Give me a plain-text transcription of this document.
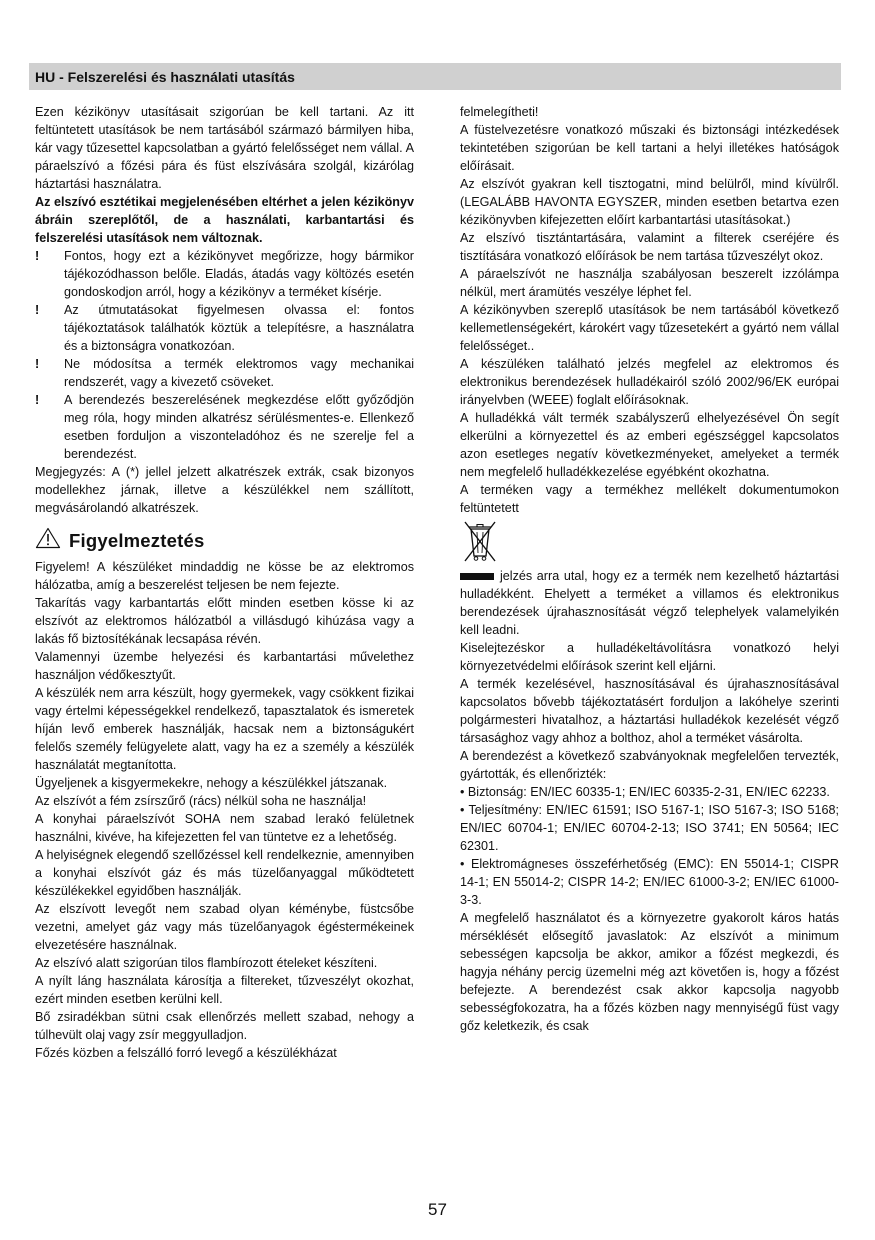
HU - Felszerelési és használati utasítás

Ezen kézikönyv utasításait szigorúan be kell tartani. Az itt feltüntetett utasítások be nem tartásából származó bármilyen hiba, kár vagy tűzesettel kapcsolatban a gyártó felelősséget nem vállal. A páraelszívó a főzési pára és füst elszívására szolgál, kizárólag háztartási használatra.

Az elszívó esztétikai megjelenésében eltérhet a jelen kézikönyv ábráin szereplőtől, de a használati, karbantartási és felszerelési utasítások nem változnak.

! Fontos, hogy ezt a kézikönyvet megőrizze, hogy bármikor tájékozódhasson belőle. Eladás, átadás vagy költözés esetén gondoskodjon arról, hogy a kézikönyv a terméket kísérje.

! Az útmutatásokat figyelmesen olvassa el: fontos tájékoztatások találhatók köztük a telepítésre, a használatra és a biztonságra vonatkozóan.

! Ne módosítsa a termék elektromos vagy mechanikai rendszerét, vagy a kivezető csöveket.

! A berendezés beszerelésének megkezdése előtt győződjön meg róla, hogy minden alkatrész sérülésmentes-e. Ellenkező esetben forduljon a viszonteladóhoz és ne szerelje fel a berendezést.

Megjegyzés: A (*) jellel jelzett alkatrészek extrák, csak bizonyos modellekhez járnak, illetve a készülékkel nem szállított, megvásárolandó alkatrészek.

Figyelmeztetés

Figyelem! A készüléket mindaddig ne kösse be az elektromos hálózatba, amíg a beszerelést teljesen be nem fejezte.

Takarítás vagy karbantartás előtt minden esetben kösse ki az elszívót az elektromos hálózatból a villásdugó kihúzása vagy a lakás fő biztosítékának lecsapása révén.

Valamennyi üzembe helyezési és karbantartási művelethez használjon védőkesztyűt.

A készülék nem arra készült, hogy gyermekek, vagy csökkent fizikai vagy értelmi képességekkel rendelkező, tapasztalatok és ismeretek híján levő emberek használják, hacsak nem a biztonságukért felelős személy felügyelete alatt, vagy ha ez a személy a készülék használatát megtanította.

Ügyeljenek a kisgyermekekre, nehogy a készülékkel játszanak.

Az elszívót a fém zsírszűrő (rács) nélkül soha ne használja!

A konyhai páraelszívót SOHA nem szabad lerakó felületnek használni, kivéve, ha kifejezetten fel van tüntetve ez a lehetőség.

A helyiségnek elegendő szellőzéssel kell rendelkeznie, amennyiben a konyhai elszívót gáz és más tüzelőanyaggal működtetett készülékekkel egyidőben használják.

Az elszívott levegőt nem szabad olyan kéménybe, füstcsőbe vezetni, amelyet gáz vagy más tüzelőanyagok égéstermékeinek elvezetésére használnak.

Az elszívó alatt szigorúan tilos flambírozott ételeket készíteni.

A nyílt láng használata károsítja a filtereket, tűzveszélyt okozhat, ezért minden esetben kerülni kell.

Bő zsiradékban sütni csak ellenőrzés mellett szabad, nehogy a túlhevült olaj vagy zsír meggyulladjon.

Főzés közben a felszálló forró levegő a készülékházat

felmelegítheti!

A füstelvezetésre vonatkozó műszaki és biztonsági intézkedések tekintetében szigorúan be kell tartani a helyi illetékes hatóságok előírásait.

Az elszívót gyakran kell tisztogatni, mind belülről, mind kívülről. (LEGALÁBB HAVONTA EGYSZER, minden esetben betartva ezen kézikönyvben kifejezetten előírt karbantartási utasításokat.)

Az elszívó tisztántartására, valamint a filterek cseréjére és tisztítására vonatkozó előírások be nem tartása tűzveszélyt okoz.

A páraelszívót ne használja szabályosan beszerelt izzólámpa nélkül, mert áramütés veszélye léphet fel.

A kézikönyvben szereplő utasítások be nem tartásából következő kellemetlenségekért, károkért vagy tűzesetekért a gyártó nem vállal felelősséget..

A készüléken található jelzés megfelel az elektromos és elektronikus berendezések hulladékairól szóló 2002/96/EK európai irányelvben (WEEE) foglalt előírásoknak.

A hulladékká vált termék szabályszerű elhelyezésével Ön segít elkerülni a környezettel és az emberi egészséggel kapcsolatos azon esetleges negatív következményeket, amelyeket a termék nem megfelelő hulladékkezelése egyébként okozhatna.

A terméken vagy a termékhez mellékelt dokumentumokon feltüntetett

jelzés arra utal, hogy ez a termék nem kezelhető háztartási hulladékként. Ehelyett a terméket a villamos és elektronikus berendezések újrahasznosítását végző telephelyek valamelyikén kell leadni.

Kiselejtezéskor a hulladékeltávolításra vonatkozó helyi környezetvédelmi előírások szerint kell eljárni.

A termék kezelésével, hasznosításával és újrahasznosításával kapcsolatos bővebb tájékoztatásért forduljon a lakóhelye szerinti polgármesteri hivatalhoz, a háztartási hulladékok kezelését végző társasághoz vagy ahhoz a bolthoz, ahol a terméket vásárolta.

A berendezést a következő szabványoknak megfelelően tervezték, gyártották, és ellenőrizték:

• Biztonság: EN/IEC 60335-1; EN/IEC 60335-2-31, EN/IEC 62233.

• Teljesítmény: EN/IEC 61591; ISO 5167-1; ISO 5167-3; ISO 5168; EN/IEC 60704-1; EN/IEC 60704-2-13; ISO 3741; EN 50564; IEC 62301.

• Elektromágneses összeférhetőség (EMC): EN 55014-1; CISPR 14-1; EN 55014-2; CISPR 14-2; EN/IEC 61000-3-2; EN/IEC 61000-3-3.

A megfelelő használatot és a környezetre gyakorolt káros hatás mérséklését elősegítő javaslatok: Az elszívót a minimum sebességen kapcsolja be akkor, amikor a főzést megkezdi, és hagyja néhány percig üzemelni még azt követően is, hogy a főzést befejezte. A berendezést csak akkor kapcsolja nagyobb sebességfokozatra, ha a főzés közben nagy mennyiségű füst vagy gőz keletkezik, és csak

57
